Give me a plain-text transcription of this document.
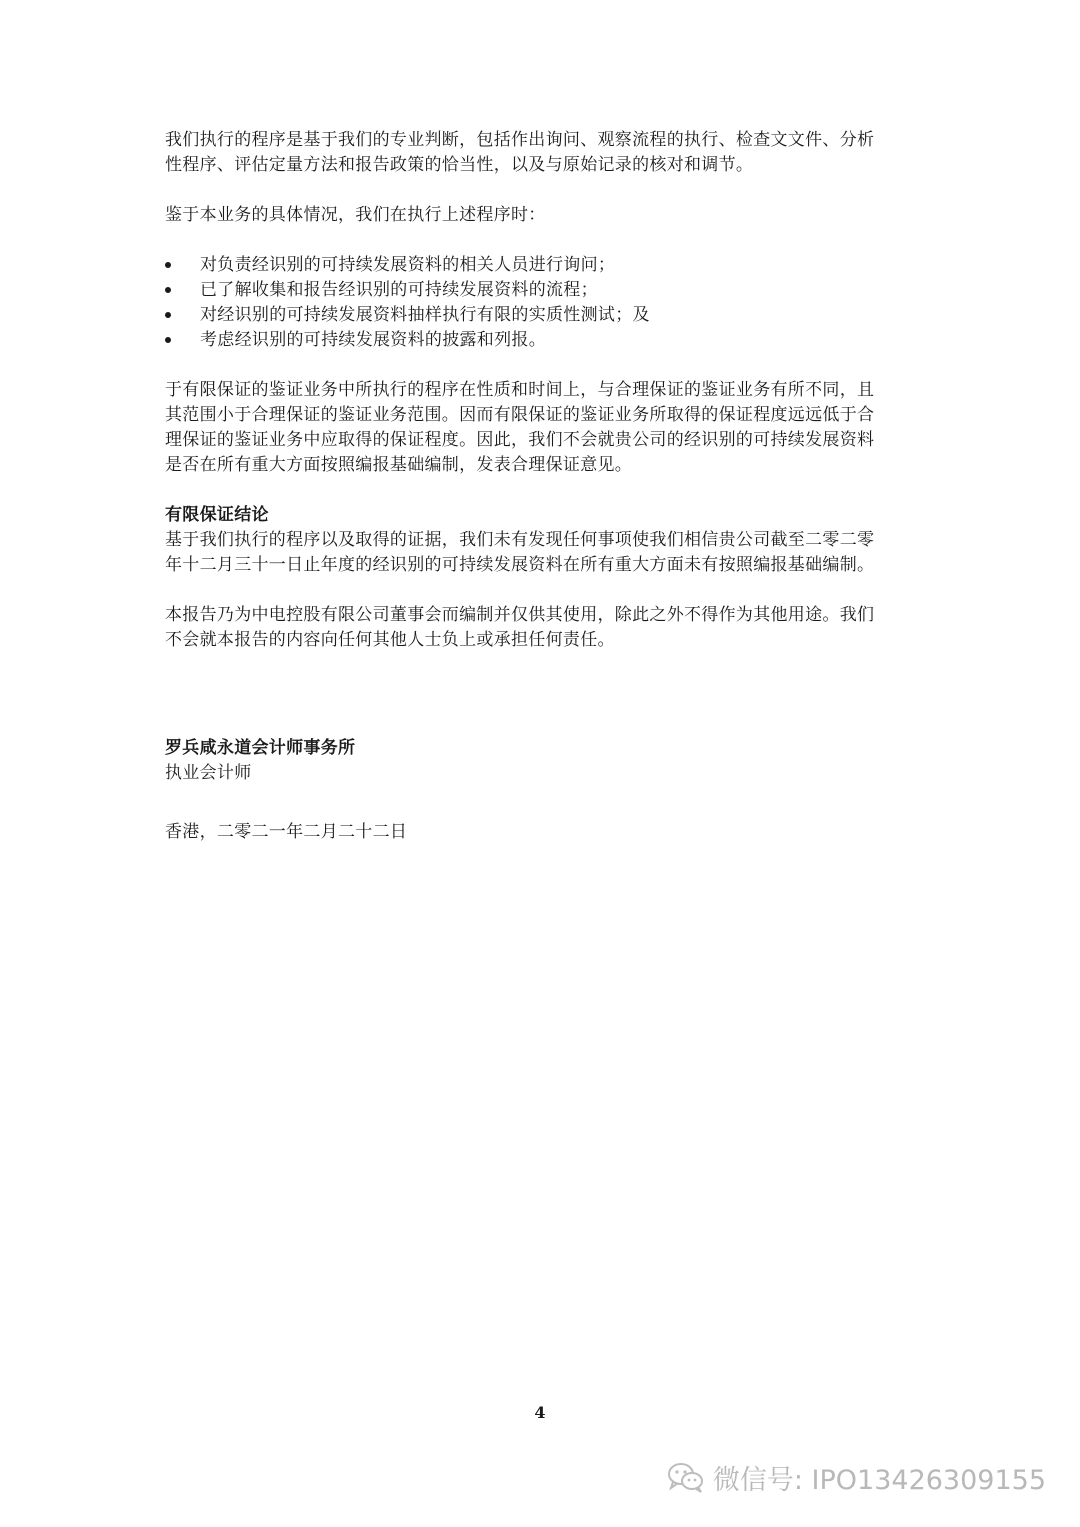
我们执行的程序是基于我们的专业判断，包括作出询问、观察流程的执行、检查文文件、分析
性程序、评估定量方法和报告政策的恰当性，以及与原始记录的核对和调节。

鉴于本业务的具体情况，我们在执行上述程序时：

对负责经识别的可持续发展资料的相关人员进行询问；
已了解收集和报告经识别的可持续发展资料的流程；
对经识别的可持续发展资料抽样执行有限的实质性测试；及
考虑经识别的可持续发展资料的披露和列报。

于有限保证的鉴证业务中所执行的程序在性质和时间上，与合理保证的鉴证业务有所不同，且
其范围小于合理保证的鉴证业务范围。因而有限保证的鉴证业务所取得的保证程度远远低于合
理保证的鉴证业务中应取得的保证程度。因此，我们不会就贵公司的经识别的可持续发展资料
是否在所有重大方面按照编报基础编制，发表合理保证意见。

有限保证结论

基于我们执行的程序以及取得的证据，我们未有发现任何事项使我们相信贵公司截至二零二零
年十二月三十一日止年度的经识别的可持续发展资料在所有重大方面未有按照编报基础编制。

本报告乃为中电控股有限公司董事会而编制并仅供其使用，除此之外不得作为其他用途。我们
不会就本报告的内容向任何其他人士负上或承担任何责任。

罗兵咸永道会计师事务所
执业会计师
香港，二零二一年二月二十二日
4
微信号: IPO13426309155
